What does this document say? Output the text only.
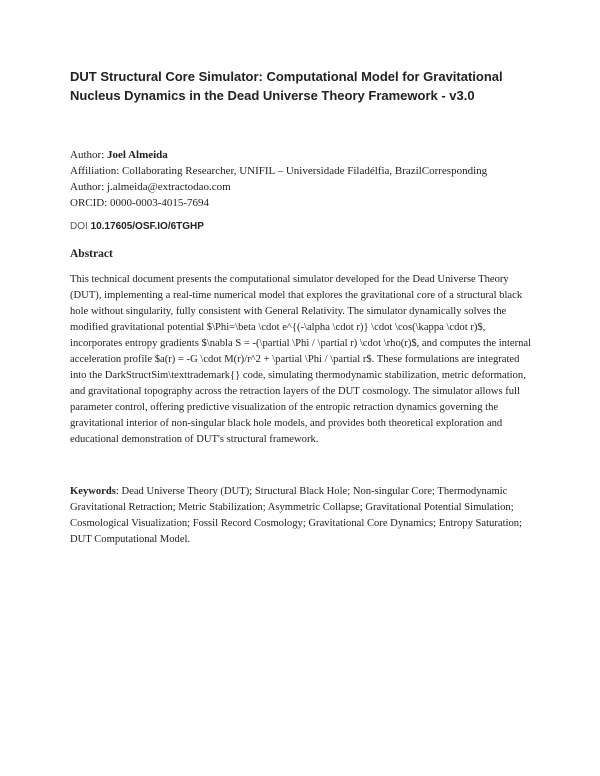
DUT Structural Core Simulator: Computational Model for Gravitational Nucleus Dynamics in the Dead Universe Theory Framework - v3.0
Author: Joel Almeida
Affiliation: Collaborating Researcher, UNIFIL – Universidade Filadélfia, BrazilCorresponding
Author: j.almeida@extractodao.com
ORCID: 0000-0003-4015-7694
DOI 10.17605/OSF.IO/6TGHP
Abstract

This technical document presents the computational simulator developed for the Dead Universe Theory (DUT), implementing a real-time numerical model that explores the gravitational core of a structural black hole without singularity, fully consistent with General Relativity. The simulator dynamically solves the modified gravitational potential $\Phi=\beta \cdot e^{(-\alpha \cdot r)} \cdot \cos(\kappa \cdot r)$, incorporates entropy gradients $\nabla S = -(\partial \Phi / \partial r) \cdot \rho(r)$, and computes the internal acceleration profile $a(r) = -G \cdot M(r)/r^2 + \partial \Phi / \partial r$. These formulations are integrated into the DarkStructSim\texttrademark{} code, simulating thermodynamic stabilization, metric deformation, and gravitational topography across the retraction layers of the DUT cosmology. The simulator allows full parameter control, offering predictive visualization of the entropic retraction dynamics governing the gravitational interior of non-singular black hole models, and provides both theoretical exploration and educational demonstration of DUT's structural framework.

Keywords: Dead Universe Theory (DUT); Structural Black Hole; Non-singular Core; Thermodynamic Gravitational Retraction; Metric Stabilization; Asymmetric Collapse; Gravitational Potential Simulation; Cosmological Visualization; Fossil Record Cosmology; Gravitational Core Dynamics; Entropy Saturation; DUT Computational Model.
